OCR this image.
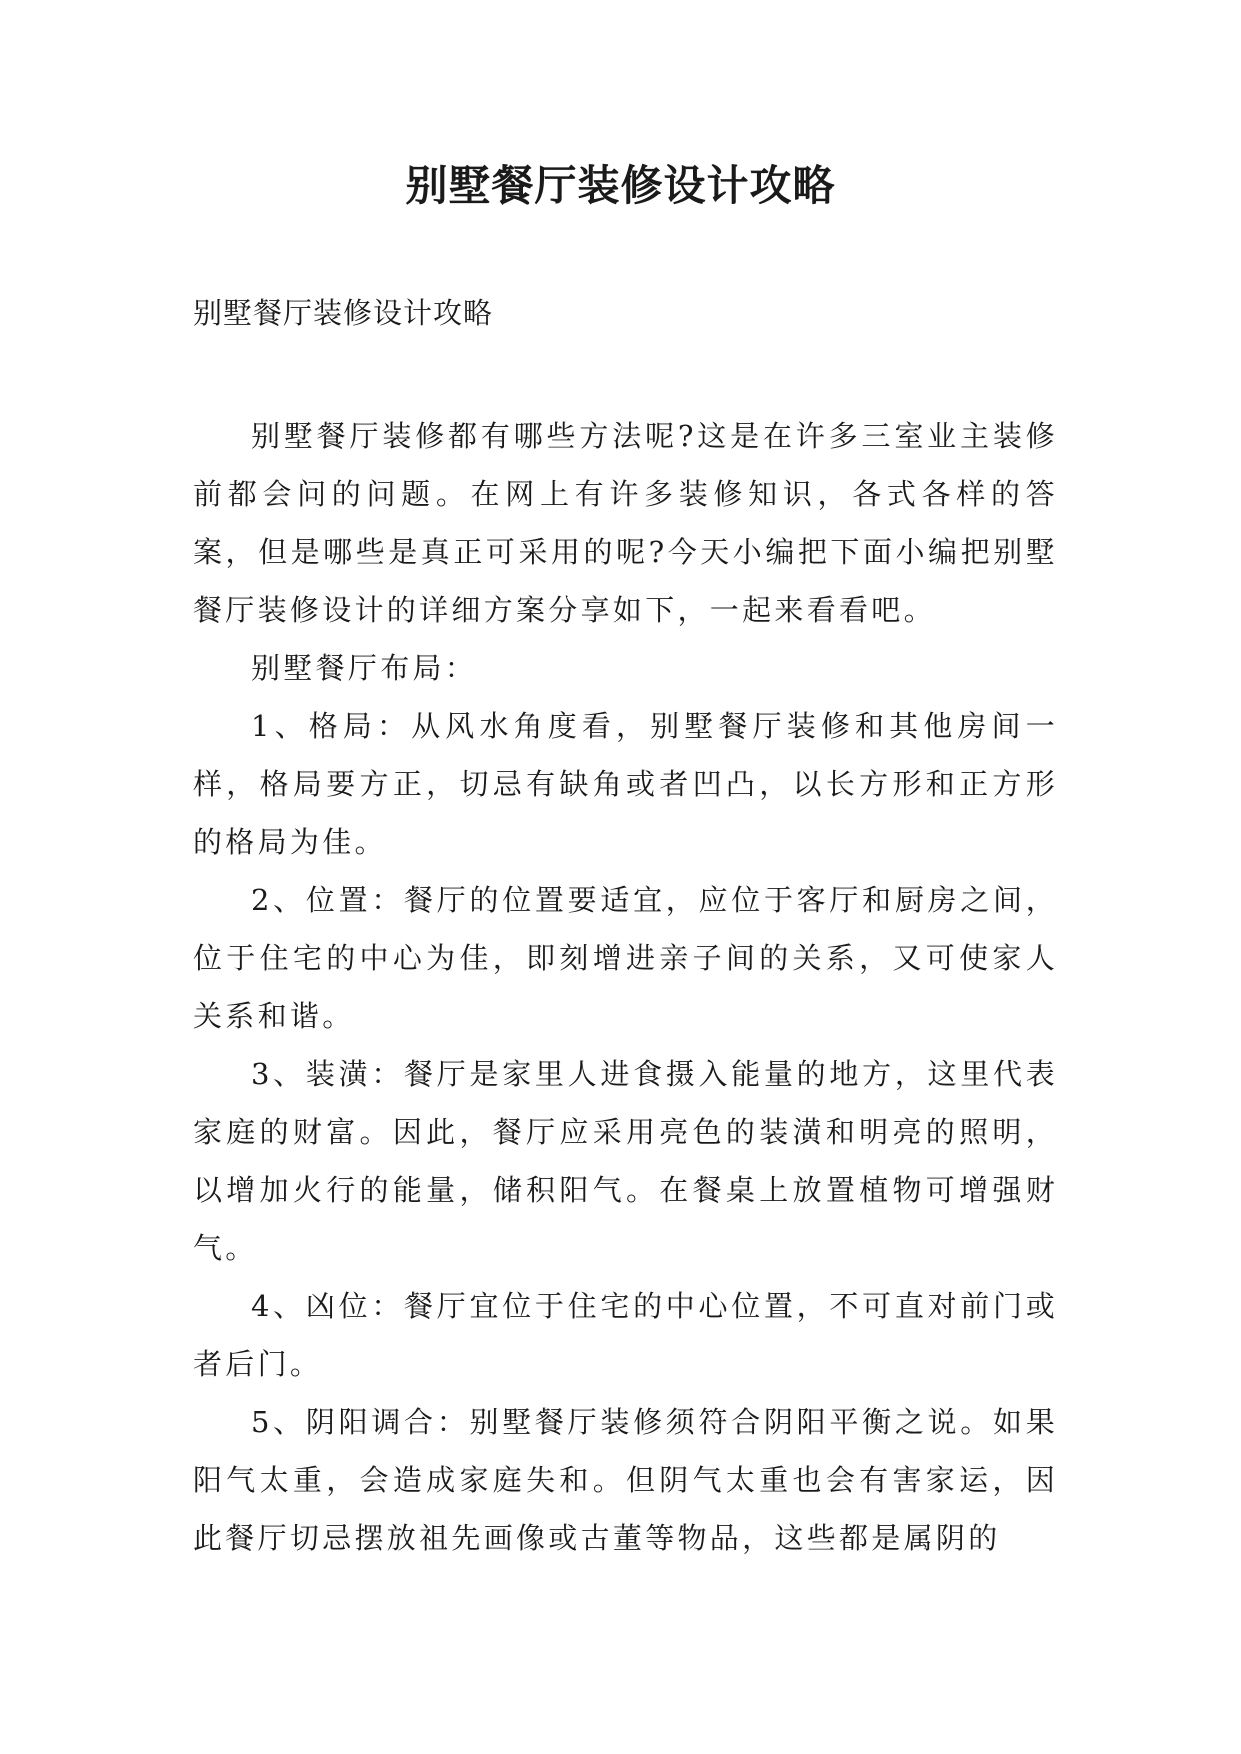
别墅餐厅装修设计攻略

别墅餐厅装修设计攻略

别墅餐厅装修都有哪些方法呢?这是在许多三室业主装修前都会问的问题。在网上有许多装修知识，各式各样的答案，但是哪些是真正可采用的呢?今天小编把下面小编把别墅餐厅装修设计的详细方案分享如下，一起来看看吧。

别墅餐厅布局：

1、格局：从风水角度看，别墅餐厅装修和其他房间一样，格局要方正，切忌有缺角或者凹凸，以长方形和正方形的格局为佳。

2、位置：餐厅的位置要适宜，应位于客厅和厨房之间，位于住宅的中心为佳，即刻增进亲子间的关系，又可使家人关系和谐。

3、装潢：餐厅是家里人进食摄入能量的地方，这里代表家庭的财富。因此，餐厅应采用亮色的装潢和明亮的照明，以增加火行的能量，储积阳气。在餐桌上放置植物可增强财气。

4、凶位：餐厅宜位于住宅的中心位置，不可直对前门或者后门。

5、阴阳调合：别墅餐厅装修须符合阴阳平衡之说。如果阳气太重，会造成家庭失和。但阴气太重也会有害家运，因此餐厅切忌摆放祖先画像或古董等物品，这些都是属阴的
